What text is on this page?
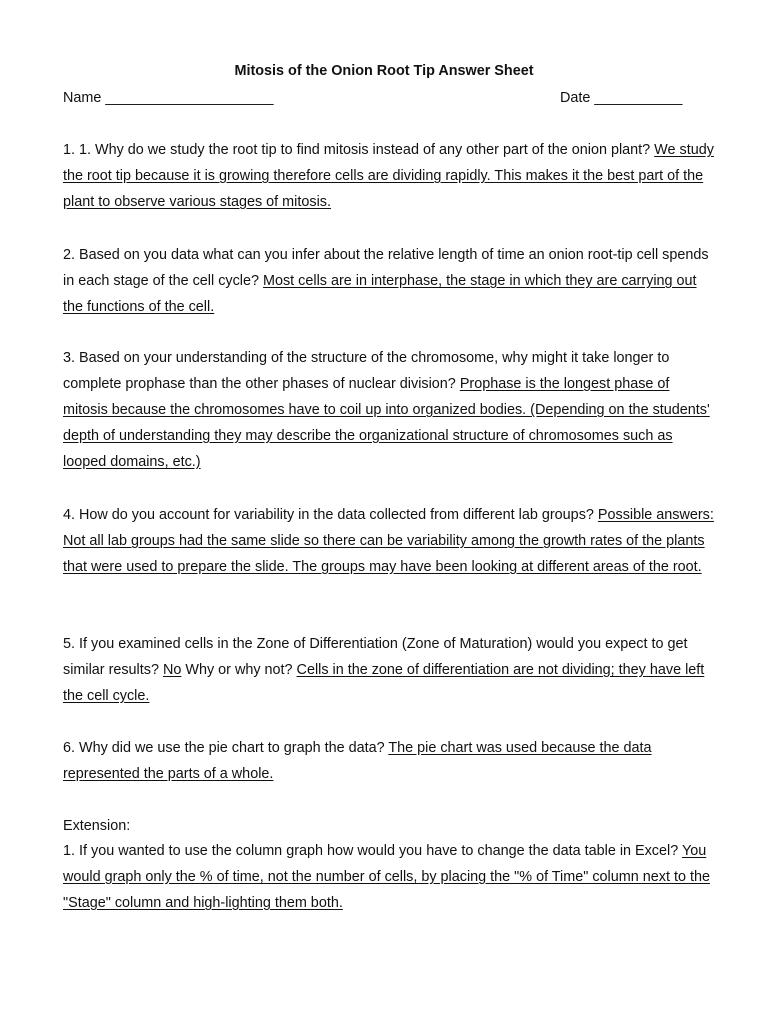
Mitosis of the Onion Root Tip Answer Sheet
Name _____________________	Date ___________

1. 1. Why do we study the root tip to find mitosis instead of any other part of the onion plant? We study the root tip because it is growing therefore cells are dividing rapidly. This makes it the best part of the plant to observe various stages of mitosis.

2. Based on you data what can you infer about the relative length of time an onion root-tip cell spends in each stage of the cell cycle? Most cells are in interphase, the stage in which they are carrying out the functions of the cell.

3. Based on your understanding of the structure of the chromosome, why might it take longer to complete prophase than the other phases of nuclear division? Prophase is the longest phase of mitosis because the chromosomes have to coil up into organized bodies. (Depending on the students' depth of understanding they may describe the organizational structure of chromosomes such as looped domains, etc.)

4. How do you account for variability in the data collected from different lab groups? Possible answers: Not all lab groups had the same slide so there can be variability among the growth rates of the plants that were used to prepare the slide. The groups may have been looking at different areas of the root.

5. If you examined cells in the Zone of Differentiation (Zone of Maturation) would you expect to get similar results? No Why or why not? Cells in the zone of differentiation are not dividing; they have left the cell cycle.

6. Why did we use the pie chart to graph the data? The pie chart was used because the data represented the parts of a whole.

Extension:

1. If you wanted to use the column graph how would you have to change the data table in Excel? You would graph only the % of time, not the number of cells, by placing the "% of Time" column next to the "Stage" column and high-lighting them both.
